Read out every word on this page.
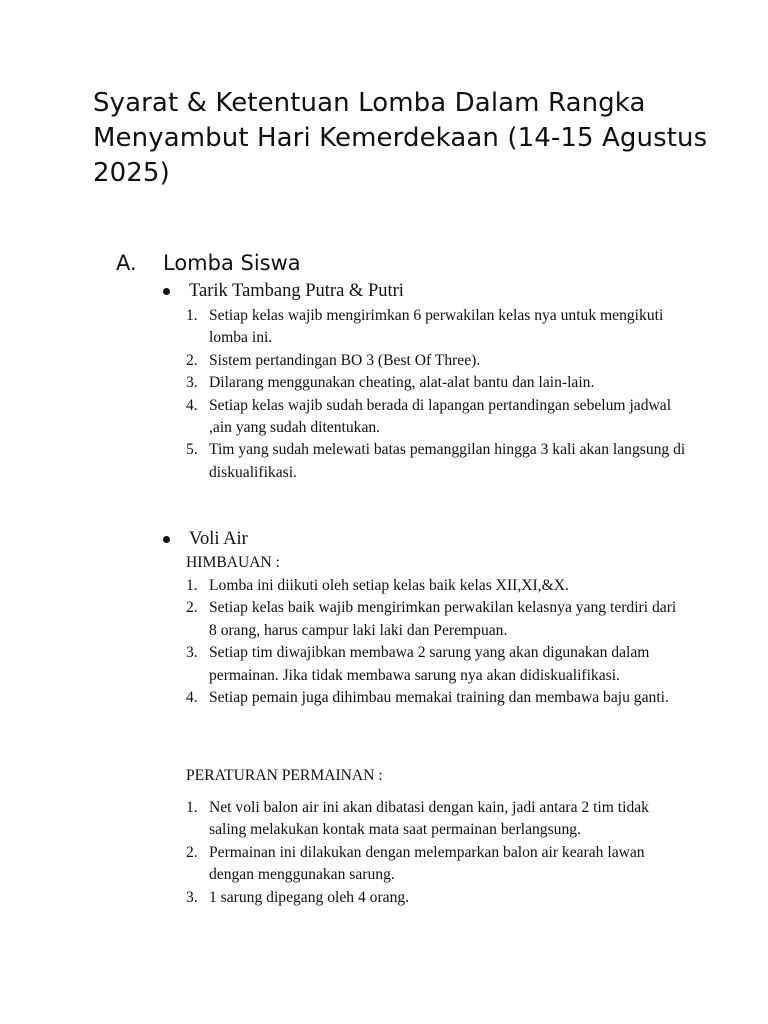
Syarat & Ketentuan Lomba Dalam Rangka Menyambut Hari Kemerdekaan (14-15 Agustus 2025)
A.	Lomba Siswa
Tarik Tambang Putra & Putri
1. Setiap kelas wajib mengirimkan 6 perwakilan kelas nya untuk mengikuti lomba ini.
2. Sistem pertandingan BO 3 (Best Of Three).
3. Dilarang menggunakan cheating, alat-alat bantu dan lain-lain.
4. Setiap kelas wajib sudah berada di lapangan pertandingan sebelum jadwal ,ain yang sudah ditentukan.
5. Tim yang sudah melewati batas pemanggilan hingga 3 kali akan langsung di diskualifikasi.
Voli Air

HIMBAUAN :

1. Lomba ini diikuti oleh setiap kelas baik kelas XII,XI,&X.
2. Setiap kelas baik wajib mengirimkan perwakilan kelasnya yang terdiri dari 8 orang, harus campur laki laki dan Perempuan.
3. Setiap tim diwajibkan membawa 2 sarung yang akan digunakan dalam permainan. Jika tidak membawa sarung nya akan didiskualifikasi.
4. Setiap pemain juga dihimbau memakai training dan membawa baju ganti.

PERATURAN PERMAINAN :

1. Net voli balon air ini akan dibatasi dengan kain, jadi antara 2 tim tidak saling melakukan kontak mata saat permainan berlangsung.
2. Permainan ini dilakukan dengan melemparkan balon air kearah lawan dengan menggunakan sarung.
3. 1 sarung dipegang oleh 4 orang.
